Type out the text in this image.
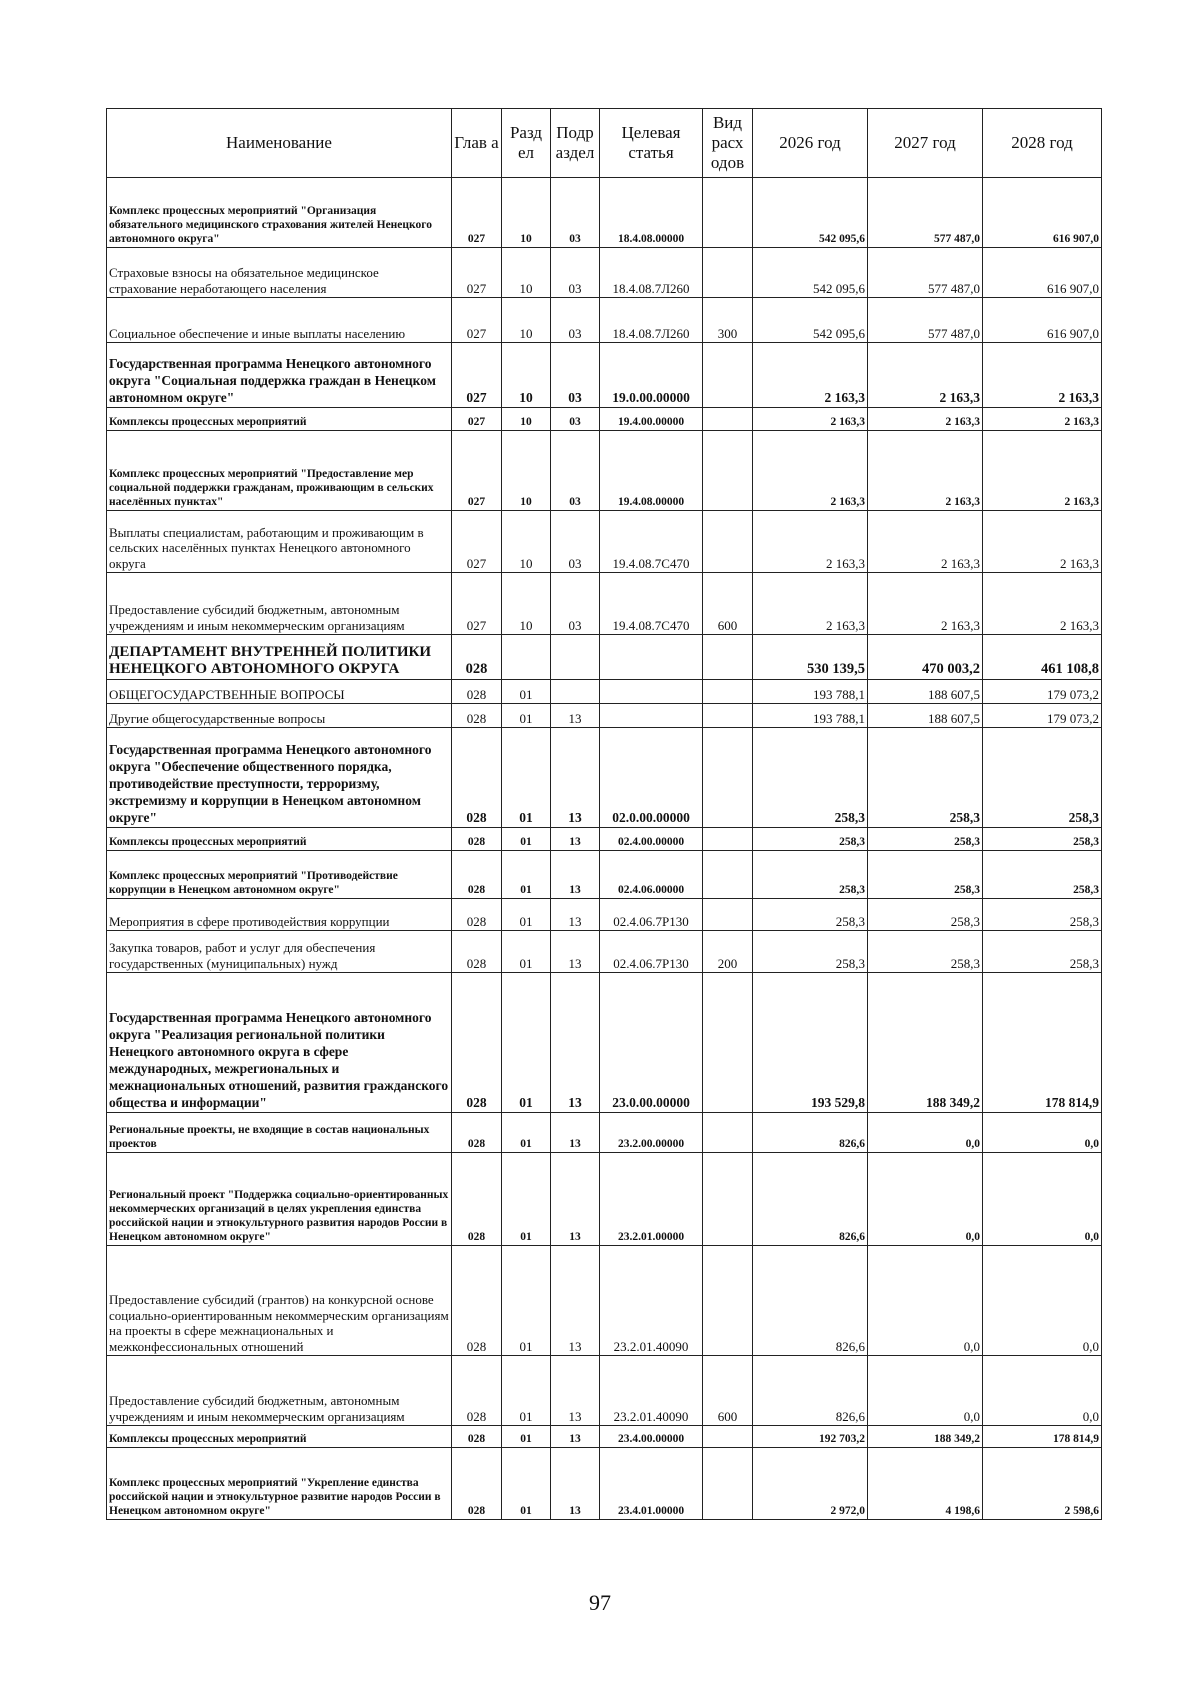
Наименование	Глав а	Разд ел	Подр аздел	Целевая статья	Вид расх одов	2026 год	2027 год	2028 год
Комплекс процессных мероприятий "Организация обязательного медицинского страхования жителей Ненецкого автономного округа"	027	10	03	18.4.08.00000		542 095,6	577 487,0	616 907,0
Страховые взносы на обязательное медицинское страхование неработающего населения	027	10	03	18.4.08.7Л260		542 095,6	577 487,0	616 907,0
Социальное обеспечение и иные выплаты населению	027	10	03	18.4.08.7Л260	300	542 095,6	577 487,0	616 907,0
Государственная программа Ненецкого автономного округа "Социальная поддержка граждан в Ненецком автономном округе"	027	10	03	19.0.00.00000		2 163,3	2 163,3	2 163,3
Комплексы процессных мероприятий	027	10	03	19.4.00.00000		2 163,3	2 163,3	2 163,3
Комплекс процессных мероприятий "Предоставление мер социальной поддержки гражданам, проживающим в сельских населённых пунктах"	027	10	03	19.4.08.00000		2 163,3	2 163,3	2 163,3
Выплаты специалистам, работающим и проживающим в сельских населённых пунктах Ненецкого автономного округа	027	10	03	19.4.08.7С470		2 163,3	2 163,3	2 163,3
Предоставление субсидий бюджетным, автономным учреждениям и иным некоммерческим организациям	027	10	03	19.4.08.7С470	600	2 163,3	2 163,3	2 163,3
ДЕПАРТАМЕНТ ВНУТРЕННЕЙ ПОЛИТИКИ НЕНЕЦКОГО АВТОНОМНОГО ОКРУГА	028					530 139,5	470 003,2	461 108,8
ОБЩЕГОСУДАРСТВЕННЫЕ ВОПРОСЫ	028	01				193 788,1	188 607,5	179 073,2
Другие общегосударственные вопросы	028	01	13			193 788,1	188 607,5	179 073,2
Государственная программа Ненецкого автономного округа "Обеспечение общественного порядка, противодействие преступности, терроризму, экстремизму и коррупции в Ненецком автономном округе"	028	01	13	02.0.00.00000		258,3	258,3	258,3
Комплексы процессных мероприятий	028	01	13	02.4.00.00000		258,3	258,3	258,3
Комплекс процессных мероприятий "Противодействие коррупции в Ненецком автономном округе"	028	01	13	02.4.06.00000		258,3	258,3	258,3
Мероприятия в сфере противодействия коррупции	028	01	13	02.4.06.7Р130		258,3	258,3	258,3
Закупка товаров, работ и услуг для обеспечения государственных (муниципальных) нужд	028	01	13	02.4.06.7Р130	200	258,3	258,3	258,3
Государственная программа Ненецкого автономного округа "Реализация региональной политики Ненецкого автономного округа в сфере международных, межрегиональных и межнациональных отношений, развития гражданского общества и информации"	028	01	13	23.0.00.00000		193 529,8	188 349,2	178 814,9
Региональные проекты, не входящие в состав национальных проектов	028	01	13	23.2.00.00000		826,6	0,0	0,0
Региональный проект "Поддержка социально-ориентированных некоммерческих организаций в целях укрепления единства российской нации и этнокультурного развития народов России в Ненецком автономном округе"	028	01	13	23.2.01.00000		826,6	0,0	0,0
Предоставление субсидий (грантов) на конкурсной основе социально-ориентированным некоммерческим организациям на проекты в сфере межнациональных и межконфессиональных отношений	028	01	13	23.2.01.40090		826,6	0,0	0,0
Предоставление субсидий бюджетным, автономным учреждениям и иным некоммерческим организациям	028	01	13	23.2.01.40090	600	826,6	0,0	0,0
Комплексы процессных мероприятий	028	01	13	23.4.00.00000		192 703,2	188 349,2	178 814,9
Комплекс процессных мероприятий "Укрепление единства российской нации и этнокультурное развитие народов России в Ненецком автономном округе"	028	01	13	23.4.01.00000		2 972,0	4 198,6	2 598,6
97
